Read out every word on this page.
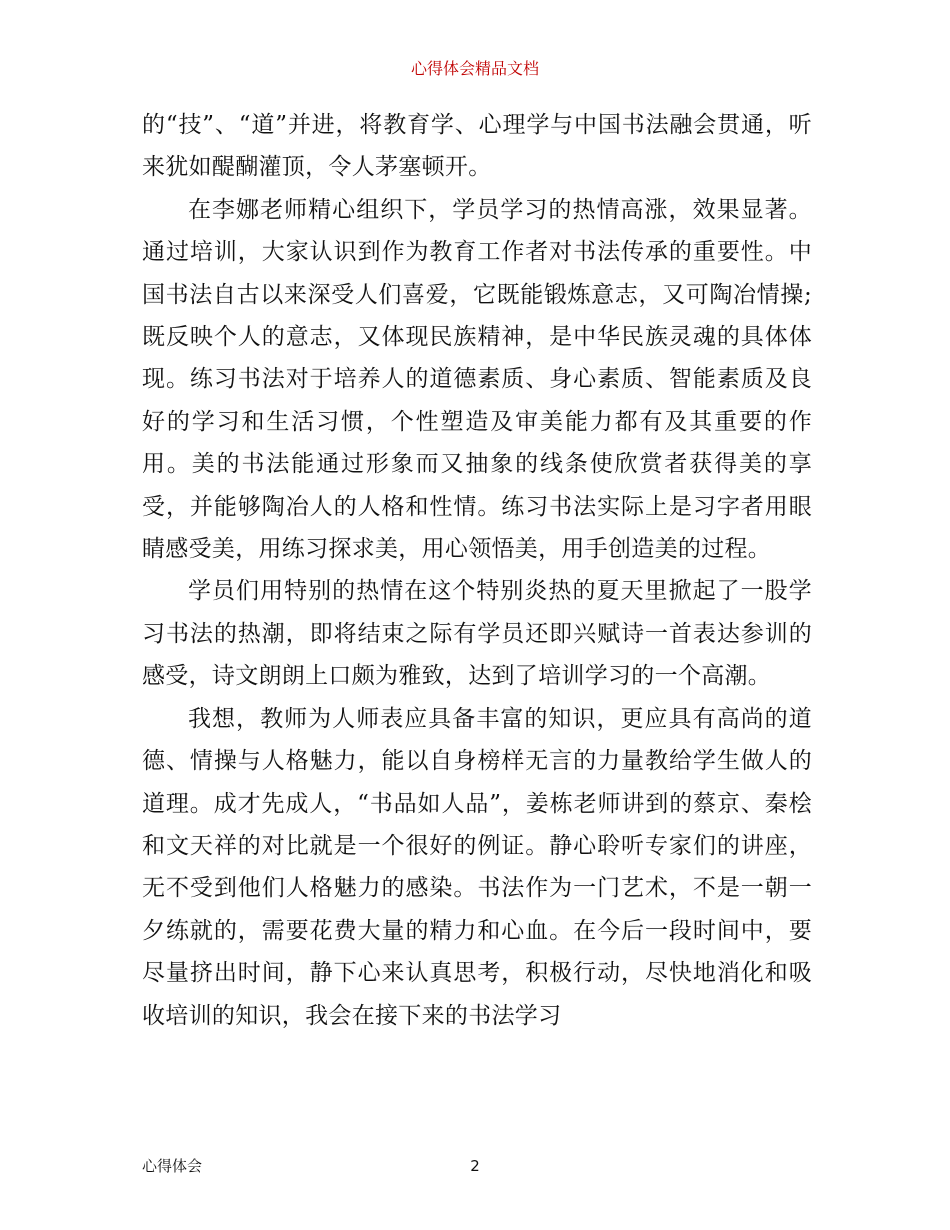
心得体会精品文档

的“技”、“道”并进，将教育学、心理学与中国书法融会贯通，听来犹如醍醐灌顶，令人茅塞顿开。

在李娜老师精心组织下，学员学习的热情高涨，效果显著。通过培训，大家认识到作为教育工作者对书法传承的重要性。中国书法自古以来深受人们喜爱，它既能锻炼意志，又可陶冶情操;既反映个人的意志，又体现民族精神，是中华民族灵魂的具体体现。练习书法对于培养人的道德素质、身心素质、智能素质及良好的学习和生活习惯，个性塑造及审美能力都有及其重要的作用。美的书法能通过形象而又抽象的线条使欣赏者获得美的享受，并能够陶冶人的人格和性情。练习书法实际上是习字者用眼睛感受美，用练习探求美，用心领悟美，用手创造美的过程。

学员们用特别的热情在这个特别炎热的夏天里掀起了一股学习书法的热潮，即将结束之际有学员还即兴赋诗一首表达参训的感受，诗文朗朗上口颇为雅致，达到了培训学习的一个高潮。

我想，教师为人师表应具备丰富的知识，更应具有高尚的道德、情操与人格魅力，能以自身榜样无言的力量教给学生做人的道理。成才先成人，“书品如人品”，姜栋老师讲到的蔡京、秦桧和文天祥的对比就是一个很好的例证。静心聆听专家们的讲座，无不受到他们人格魅力的感染。书法作为一门艺术，不是一朝一夕练就的，需要花费大量的精力和心血。在今后一段时间中，要尽量挤出时间，静下心来认真思考，积极行动，尽快地消化和吸收培训的知识，我会在接下来的书法学习

心得体会	2
